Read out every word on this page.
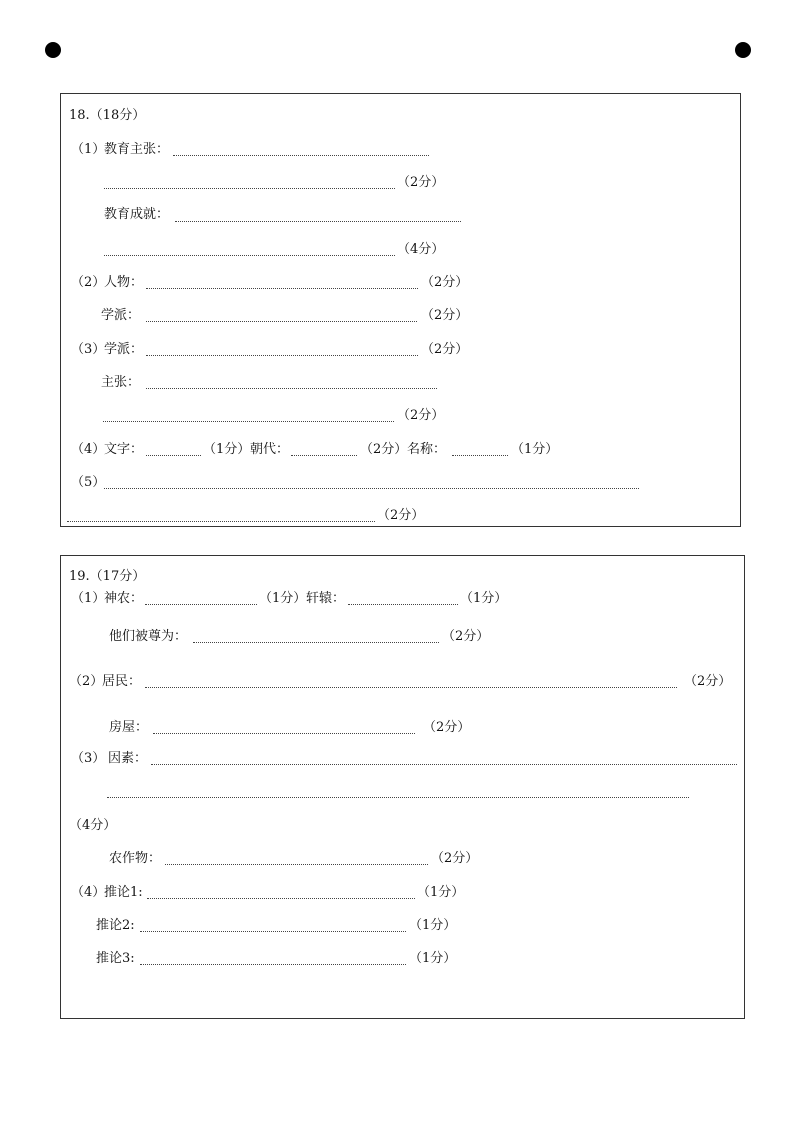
18.（18分）
（1）
教育主张：
（2分）
教育成就：
（4分）
（2）
人物：	（2分）
学派：	（2分）
（3）
学派：	（2分）
主张：
（2分）
（4）
文字：	（1分） 朝代：	（2分） 名称：	（1分）
（5）
（2分）
19.（17分）
（1）
神农：	（1分） 轩辕：	（1分）
他们被尊为：	（2分）
（2）
居民：	（2分）
房屋：	（2分）
（3） 因素：
（4分）
农作物：	（2分）
（4）
推论1:	（1分）
推论2:	（1分）
推论3:	（1分）
